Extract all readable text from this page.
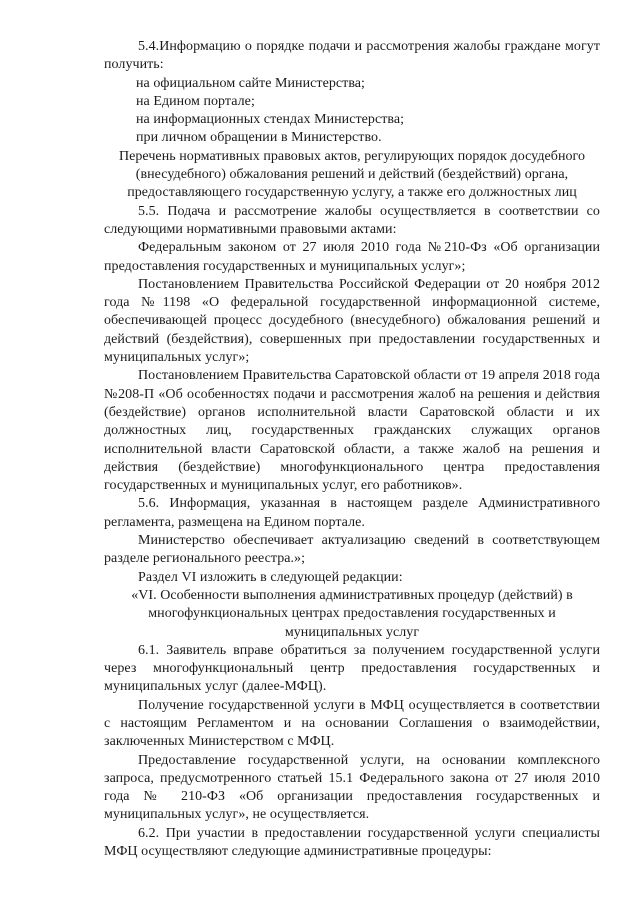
5.4.Информацию о порядке подачи и рассмотрения жалобы граждане могут получить:

на официальном сайте Министерства;

на Едином портале;

на информационных стендах Министерства;

при личном обращении в Министерство.

Перечень нормативных правовых актов, регулирующих порядок досудебного (внесудебного) обжалования решений и действий (бездействий) органа, предоставляющего государственную услугу, а также его должностных лиц

5.5. Подача и рассмотрение жалобы осуществляется в соответствии со следующими нормативными правовыми актами:

Федеральным законом от 27 июля 2010 года №210-Фз «Об организации предоставления государственных и муниципальных услуг»;

Постановлением Правительства Российской Федерации от 20 ноября 2012 года №1198 «О федеральной государственной информационной системе, обеспечивающей процесс досудебного (внесудебного) обжалования решений и действий (бездействия), совершенных при предоставлении государственных и муниципальных услуг»;

Постановлением Правительства Саратовской области от 19 апреля 2018 года №208-П «Об особенностях подачи и рассмотрения жалоб на решения и действия (бездействие) органов исполнительной власти Саратовской области и их должностных лиц, государственных гражданских служащих органов исполнительной власти Саратовской области, а также жалоб на решения и действия (бездействие) многофункционального центра предоставления государственных и муниципальных услуг, его работников».

5.6. Информация, указанная в настоящем разделе Административного регламента, размещена на Едином портале.

Министерство обеспечивает актуализацию сведений в соответствующем разделе регионального реестра.»;

Раздел VI изложить в следующей редакции:

«VI. Особенности выполнения административных процедур (действий) в многофункциональных центрах предоставления государственных и муниципальных услуг

6.1. Заявитель вправе обратиться за получением государственной услуги через многофункциональный центр предоставления государственных и муниципальных услуг (далее-МФЦ).

Получение государственной услуги в МФЦ осуществляется в соответствии с настоящим Регламентом и на основании Соглашения о взаимодействии, заключенных Министерством с МФЦ.

Предоставление государственной услуги, на основании комплексного запроса, предусмотренного статьей 15.1 Федерального закона от 27 июля 2010 года № 210-ФЗ «Об организации предоставления государственных и муниципальных услуг», не осуществляется.

6.2. При участии в предоставлении государственной услуги специалисты МФЦ осуществляют следующие административные процедуры:
